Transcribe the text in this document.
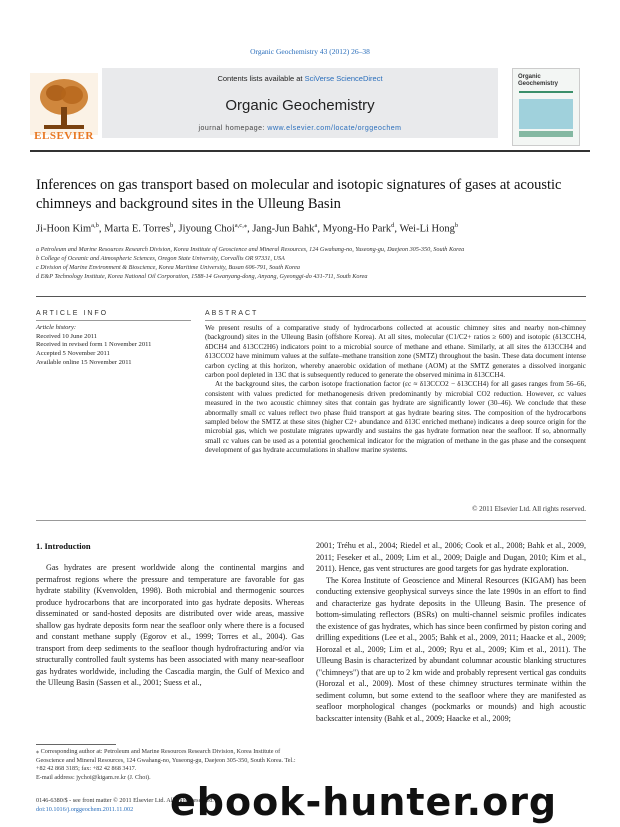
Organic Geochemistry 43 (2012) 26–38
Contents lists available at SciVerse ScienceDirect
Organic Geochemistry
journal homepage: www.elsevier.com/locate/orggeochem
ELSEVIER
Organic Geochemistry
Inferences on gas transport based on molecular and isotopic signatures of gases at acoustic chimneys and background sites in the Ulleung Basin
Ji-Hoon Kim$^{a,b}$, Marta E. Torres$^b$, Jiyoung Choi$^{a,c,⁎}$, Jang-Jun Bahk$^a$, Myong-Ho Park$^d$, Wei-Li Hong$^b$
a Petroleum and Marine Resources Research Division, Korea Institute of Geoscience and Mineral Resources, 124 Gwahang-no, Yuseong-gu, Daejeon 305-350, South Korea
b College of Oceanic and Atmospheric Sciences, Oregon State University, Corvallis OR 97331, USA
c Division of Marine Environment & Bioscience, Korea Maritime University, Busan 606-791, South Korea
d E&P Technology Institute, Korea National Oil Corporation, 1588-14 Gwanyang-dong, Anyang, Gyeonggi-do 431-711, South Korea
ARTICLE INFO	ABSTRACT
Article history:
Received 10 June 2011
Received in revised form 1 November 2011
Accepted 5 November 2011
Available online 15 November 2011

We present results of a comparative study of hydrocarbons collected at acoustic chimney sites and nearby non-chimney (background) sites in the Ulleung Basin (offshore Korea). At all sites, molecular (C1/C2+ ratios ≥ 600) and isotopic (δ13CCH4, δDCH4 and δ13CC2H6) indicators point to a microbial source of methane and ethane. Similarly, at all sites the δ13CCH4 and δ13CCO2 have minimum values at the sulfate–methane transition zone (SMTZ) throughout the basin. These data document intense carbon cycling at this horizon, whereby anaerobic oxidation of methane (AOM) at the SMTZ generates a dissolved inorganic carbon pool depleted in 13C that is subsequently reduced to generate the observed minima in δ13CCH4.

At the background sites, the carbon isotope fractionation factor (εc ≈ δ13CCO2 − δ13CCH4) for all gases ranges from 56–66, consistent with values predicted for methanogenesis driven predominantly by microbial CO2 reduction. However, εc values measured in the two acoustic chimney sites that contain gas hydrate are significantly lower (30–46). We conclude that these abnormally small εc values reflect two phase fluid transport at gas hydrate bearing sites. The composition of the hydrocarbons sampled below the SMTZ at these sites (higher C2+ abundance and δ13C enriched methane) indicates a deep source origin for the microbial gas, which we postulate migrates upwardly and sustains the gas hydrate formation near the seafloor. If so, abnormally small εc values can be used as a potential geochemical indicator for the migration of methane in the gas phase and the consequent development of gas hydrate accumulations in shallow marine systems.

© 2011 Elsevier Ltd. All rights reserved.
1. Introduction

Gas hydrates are present worldwide along the continental margins and permafrost regions where the pressure and temperature are favorable for gas hydrate stability (Kvenvolden, 1998). Both microbial and thermogenic sources produce hydrocarbons that are incorporated into gas hydrate deposits. Whereas disseminated or sand-hosted deposits are distributed over wide areas, massive shallow gas hydrate deposits form near the seafloor only where there is a focused and constant methane supply (Egorov et al., 1999; Torres et al., 2004). Gas transport from deep sediments to the seafloor though hydrofracturing and/or via structurally controlled fault systems has been associated with many near-seafloor gas hydrates worldwide, including the Cascadia margin, the Gulf of Mexico and the Ulleung Basin (Sassen et al., 2001; Suess et al.,

2001; Tréhu et al., 2004; Riedel et al., 2006; Cook et al., 2008; Bahk et al., 2009, 2011; Feseker et al., 2009; Lim et al., 2009; Daigle and Dugan, 2010; Kim et al., 2011). Hence, gas vent structures are good targets for gas hydrate exploration.

The Korea Institute of Geoscience and Mineral Resources (KIGAM) has been conducting extensive geophysical surveys since the late 1990s in an effort to find and characterize gas hydrate deposits in the Ulleung Basin. The presence of bottom-simulating reflectors (BSRs) on multi-channel seismic profiles indicates the existence of gas hydrates, which has since been confirmed by piston coring and drilling expeditions (Lee et al., 2005; Bahk et al., 2009, 2011; Haacke et al., 2009; Horozal et al., 2009; Lim et al., 2009; Ryu et al., 2009; Kim et al., 2011). The Ulleung Basin is characterized by abundant columnar acoustic blanking structures ("chimneys") that are up to 2 km wide and probably represent vertical gas conduits (Horozal et al., 2009). Most of these chimney structures terminate within the sediment column, but some extend to the seafloor where they are manifested as seafloor morphological changes (pockmarks or mounds) and high acoustic backscatter intensity (Bahk et al., 2009; Haacke et al., 2009;

⁎ Corresponding author at: Petroleum and Marine Resources Research Division, Korea Institute of Geoscience and Mineral Resources, 124 Gwahang-no, Yuseong-gu, Daejeon 305-350, South Korea. Tel.: +82 42 868 3185; fax: +82 42 868 3417.
E-mail address: jychoi@kigam.re.kr (J. Choi).
0146-6380/$ - see front matter © 2011 Elsevier Ltd. All rights reserved.
doi:10.1016/j.orggeochem.2011.11.002 ebook-hunter.org
